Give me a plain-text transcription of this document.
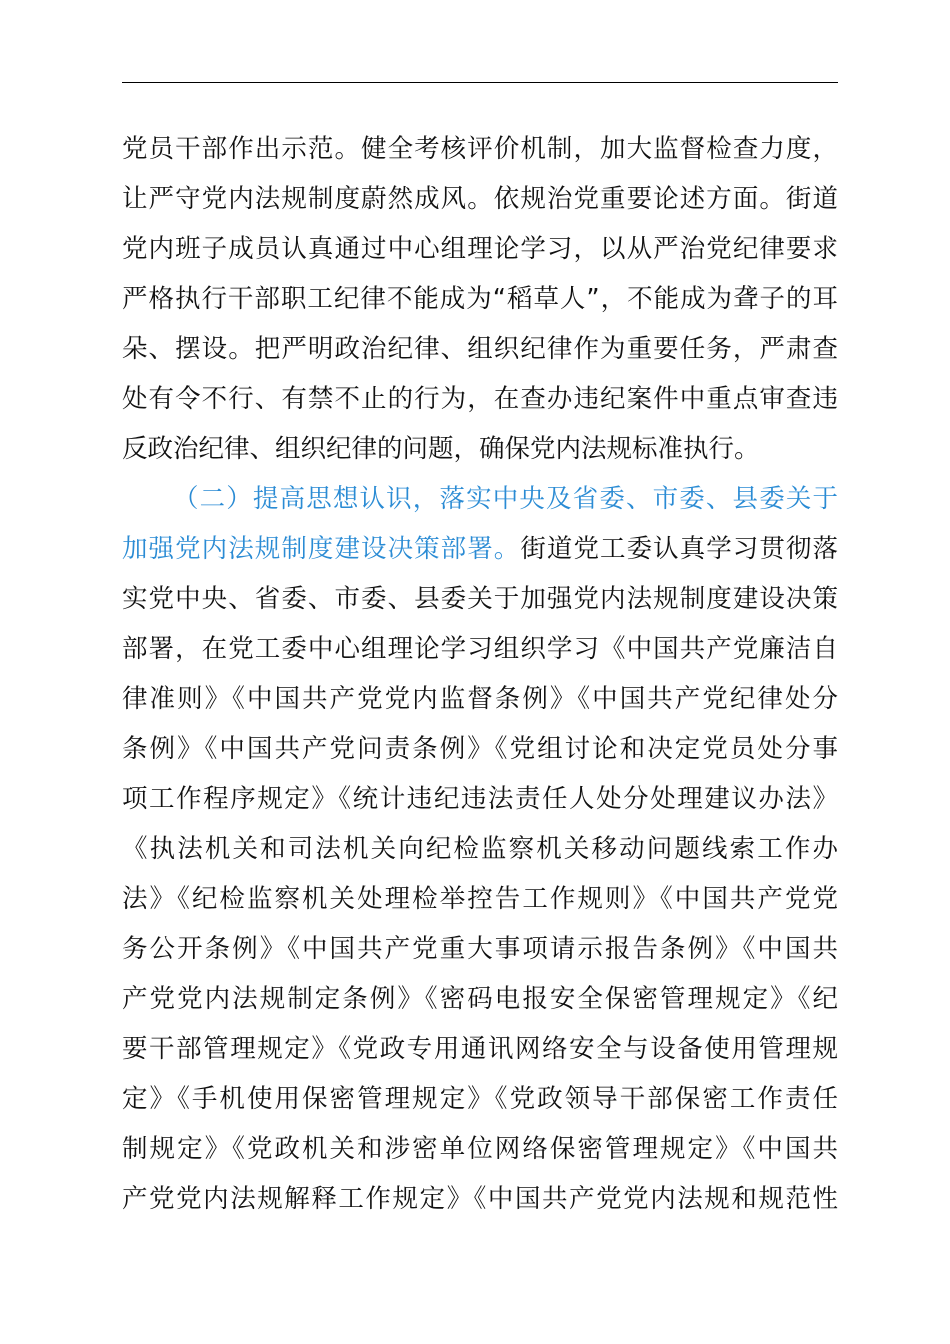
党员干部作出示范。健全考核评价机制，加大监督检查力度，
让严守党内法规制度蔚然成风。依规治党重要论述方面。街道
党内班子成员认真通过中心组理论学习，以从严治党纪律要求
严格执行干部职工纪律不能成为“稻草人”，不能成为聋子的耳
朵、摆设。把严明政治纪律、组织纪律作为重要任务，严肃查
处有令不行、有禁不止的行为，在查办违纪案件中重点审查违
反政治纪律、组织纪律的问题，确保党内法规标准执行。
（二）提高思想认识，落实中央及省委、市委、县委关于
加强党内法规制度建设决策部署。街道党工委认真学习贯彻落
实党中央、省委、市委、县委关于加强党内法规制度建设决策
部署，在党工委中心组理论学习组织学习《中国共产党廉洁自
律准则》《中国共产党党内监督条例》《中国共产党纪律处分
条例》《中国共产党问责条例》《党组讨论和决定党员处分事
项工作程序规定》《统计违纪违法责任人处分处理建议办法》
《执法机关和司法机关向纪检监察机关移动问题线索工作办
法》《纪检监察机关处理检举控告工作规则》《中国共产党党
务公开条例》《中国共产党重大事项请示报告条例》《中国共
产党党内法规制定条例》《密码电报安全保密管理规定》《纪
要干部管理规定》《党政专用通讯网络安全与设备使用管理规
定》《手机使用保密管理规定》《党政领导干部保密工作责任
制规定》《党政机关和涉密单位网络保密管理规定》《中国共
产党党内法规解释工作规定》《中国共产党党内法规和规范性
